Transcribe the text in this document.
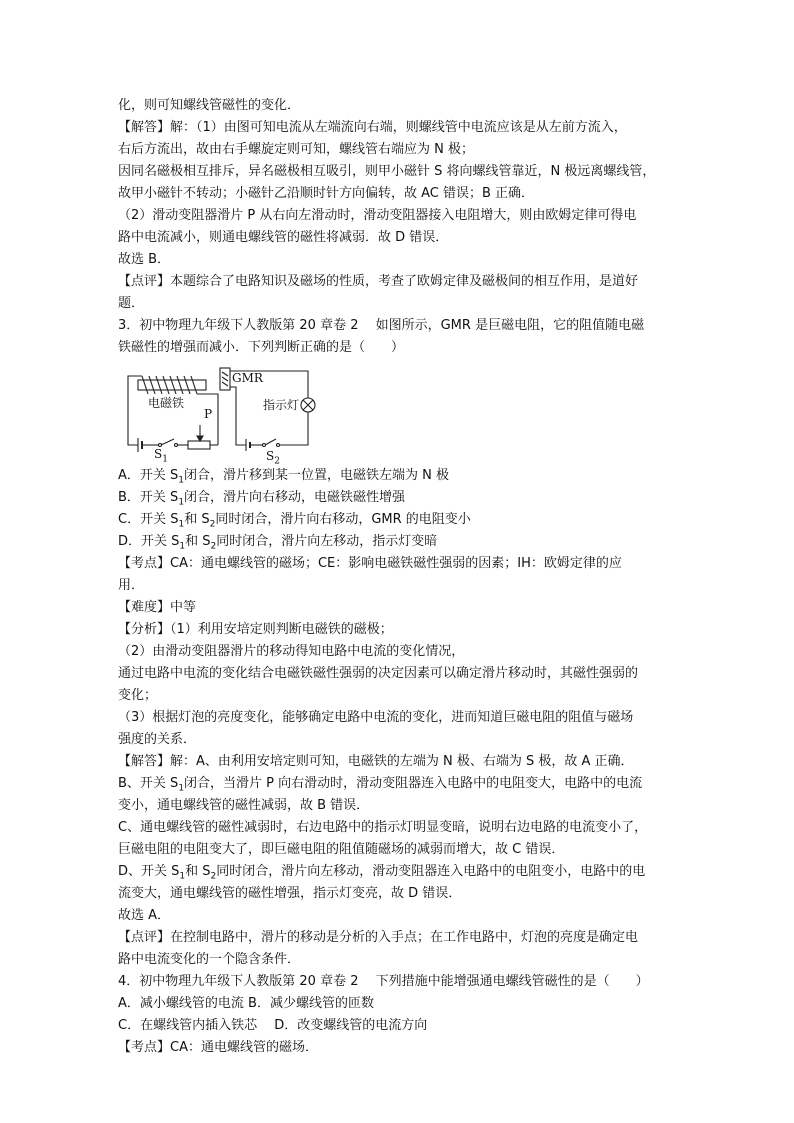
化，则可知螺线管磁性的变化．

【解答】解：（1）由图可知电流从左端流向右端，则螺线管中电流应该是从左前方流入，

右后方流出，故由右手螺旋定则可知，螺线管右端应为 N 极；

因同名磁极相互排斥，异名磁极相互吸引，则甲小磁针 S 将向螺线管靠近，N 极远离螺线管，

故甲小磁针不转动；小磁针乙沿顺时针方向偏转，故 AC 错误；B 正确．

（2）滑动变阻器滑片 P 从右向左滑动时，滑动变阻器接入电阻增大，则由欧姆定律可得电

路中电流减小，则通电螺线管的磁性将减弱．故 D 错误．

故选 B．

【点评】本题综合了电路知识及磁场的性质，考查了欧姆定律及磁极间的相互作用，是道好

题．

3．初中物理九年级下人教版第 20 章卷 2　 如图所示，GMR 是巨磁电阻，它的阻值随电磁

铁磁性的增强而减小．下列判断正确的是（　　）

GMR
电磁铁
P
指示灯
$S_1$	$S_2$

A．开关 $S_1$闭合，滑片移到某一位置，电磁铁左端为 N 极

B．开关 $S_1$闭合，滑片向右移动，电磁铁磁性增强

C．开关 $S_1$和 $S_2$同时闭合，滑片向右移动，GMR 的电阻变小

D．开关 $S_1$和 $S_2$同时闭合，滑片向左移动，指示灯变暗

【考点】CA：通电螺线管的磁场；CE：影响电磁铁磁性强弱的因素；IH：欧姆定律的应

用．

【难度】中等

【分析】（1）利用安培定则判断电磁铁的磁极；

（2）由滑动变阻器滑片的移动得知电路中电流的变化情况，

通过电路中电流的变化结合电磁铁磁性强弱的决定因素可以确定滑片移动时，其磁性强弱的

变化；

（3）根据灯泡的亮度变化，能够确定电路中电流的变化，进而知道巨磁电阻的阻值与磁场

强度的关系．

【解答】解：A、由利用安培定则可知，电磁铁的左端为 N 极、右端为 S 极，故 A 正确．

B、开关 $S_1$闭合，当滑片 P 向右滑动时，滑动变阻器连入电路中的电阻变大，电路中的电流

变小，通电螺线管的磁性减弱，故 B 错误．

C、通电螺线管的磁性减弱时，右边电路中的指示灯明显变暗，说明右边电路的电流变小了，

巨磁电阻的电阻变大了，即巨磁电阻的阻值随磁场的减弱而增大，故 C 错误．

D、开关 $S_1$和 $S_2$同时闭合，滑片向左移动，滑动变阻器连入电路中的电阻变小，电路中的电

流变大，通电螺线管的磁性增强，指示灯变亮，故 D 错误．

故选 A．

【点评】在控制电路中，滑片的移动是分析的入手点；在工作电路中，灯泡的亮度是确定电

路中电流变化的一个隐含条件．

4．初中物理九年级下人教版第 20 章卷 2　 下列措施中能增强通电螺线管磁性的是（　　）

A．减小螺线管的电流 B．减少螺线管的匝数

C．在螺线管内插入铁芯　 D．改变螺线管的电流方向

【考点】CA：通电螺线管的磁场．
